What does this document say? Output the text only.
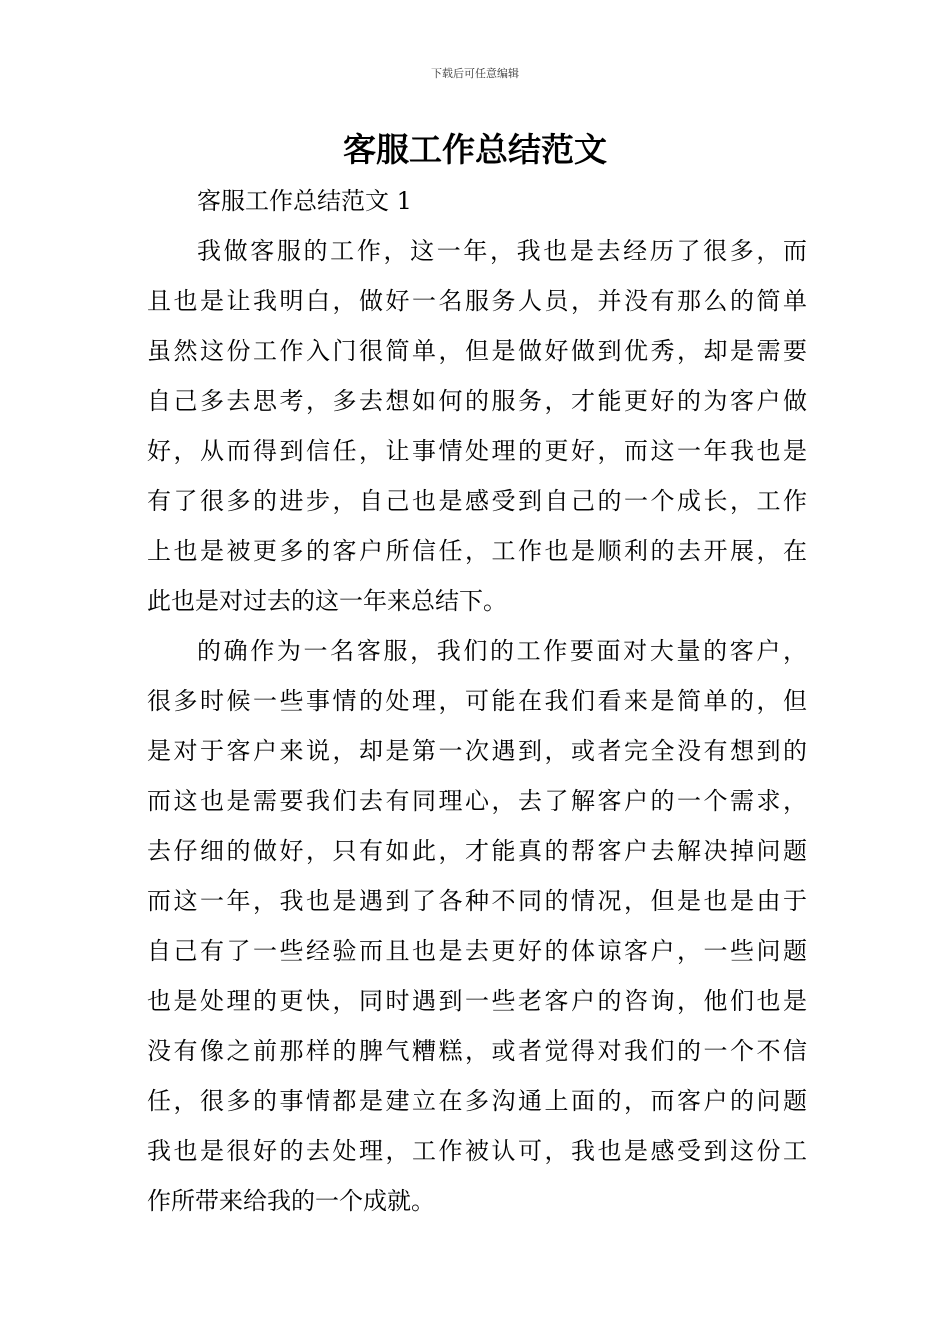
下载后可任意编辑
客服工作总结范文

客服工作总结范文 1

我做客服的工作，这一年，我也是去经历了很多，而
且也是让我明白，做好一名服务人员，并没有那么的简单
虽然这份工作入门很简单，但是做好做到优秀，却是需要
自己多去思考，多去想如何的服务，才能更好的为客户做
好，从而得到信任，让事情处理的更好，而这一年我也是
有了很多的进步，自己也是感受到自己的一个成长，工作
上也是被更多的客户所信任，工作也是顺利的去开展，在
此也是对过去的这一年来总结下。

的确作为一名客服，我们的工作要面对大量的客户，
很多时候一些事情的处理，可能在我们看来是简单的，但
是对于客户来说，却是第一次遇到，或者完全没有想到的
而这也是需要我们去有同理心，去了解客户的一个需求，
去仔细的做好，只有如此，才能真的帮客户去解决掉问题
而这一年，我也是遇到了各种不同的情况，但是也是由于
自己有了一些经验而且也是去更好的体谅客户，一些问题
也是处理的更快，同时遇到一些老客户的咨询，他们也是
没有像之前那样的脾气糟糕，或者觉得对我们的一个不信
任，很多的事情都是建立在多沟通上面的，而客户的问题
我也是很好的去处理，工作被认可，我也是感受到这份工
作所带来给我的一个成就。
